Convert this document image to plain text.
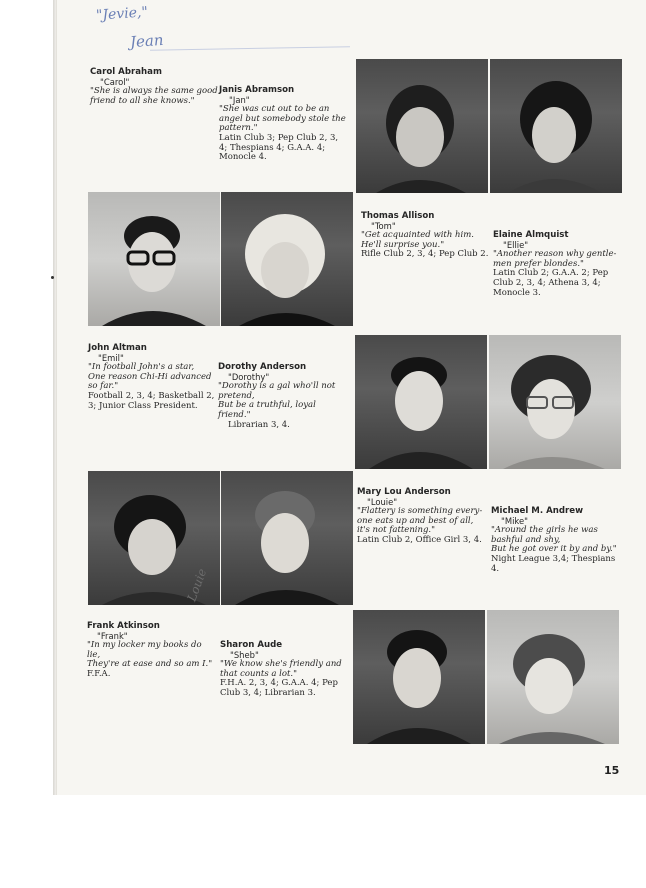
"Jevie,"
Jean
Carol Abraham
"Carol"
"She is always the same good
friend to all she knows."
Janis Abramson
"Jan"
"She was cut out to be an
angel but somebody stole the
pattern."
Latin Club 3; Pep Club 2, 3,
4; Thespians 4; G.A.A. 4;
Monocle 4.
Thomas Allison
"Tom"
"Get acquainted with him.
He'll surprise you."
Rifle Club 2, 3, 4; Pep Club 2.
Elaine Almquist
"Ellie"
"Another reason why gentle-
men prefer blondes."
Latin Club 2; G.A.A. 2; Pep
Club 2, 3, 4; Athena 3, 4;
Monocle 3.
John Altman
"Emil"
"In football John's a star,
One reason Chi-Hi advanced
so far."
Football 2, 3, 4; Basketball 2,
3; Junior Class President.
Dorothy Anderson
"Dorothy"
"Dorothy is a gal who'll not
pretend,
But be a truthful, loyal
friend."
Librarian 3, 4.
Louie
Mary Lou Anderson
"Louie"
"Flattery is something every-
one eats up and best of all,
it's not fattening."
Latin Club 2, Office Girl 3, 4.
Michael M. Andrew
"Mike"
"Around the girls he was
bashful and shy,
But he got over it by and by."
Night League 3,4; Thespians
4.
Frank Atkinson
"Frank"
"In my locker my books do
lie,
They're at ease and so am I."
F.F.A.
Sharon Aude
"Sheb"
"We know she's friendly and
that counts a lot."
F.H.A. 2, 3, 4; G.A.A. 4; Pep
Club 3, 4; Librarian 3.
15
